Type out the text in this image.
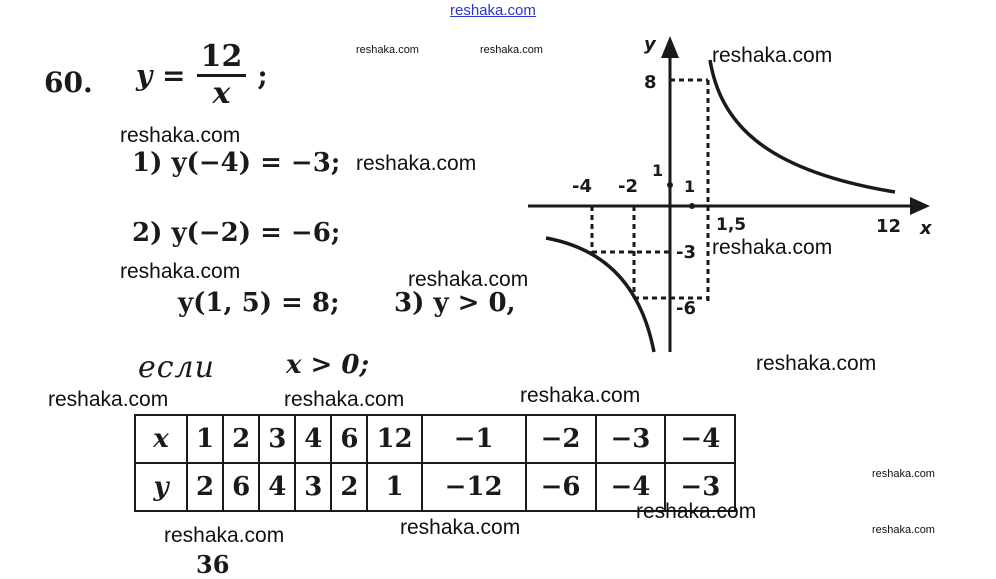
reshaka.com
reshaka.com	reshaka.com
60. $y = \frac{12}{x}$ ;
reshaka.com
1) y(−4) = −3; reshaka.com
2) y(−2) = −6;
reshaka.com	reshaka.com
y(1, 5) = 8; 3) y > 0,
если	x > 0;
y
x
8
1
-3
-6
-4 -2	1
1,5	12
reshaka.com
reshaka.com
reshaka.com
reshaka.com	reshaka.com	reshaka.com
x	1	2	3	4	6	12	−1	−2	−3	−4
y	2	6	4	3	2	1	−12	−6	−4	−3	reshaka.com
reshaka.com
reshaka.com
reshaka.com
reshaka.com
36
